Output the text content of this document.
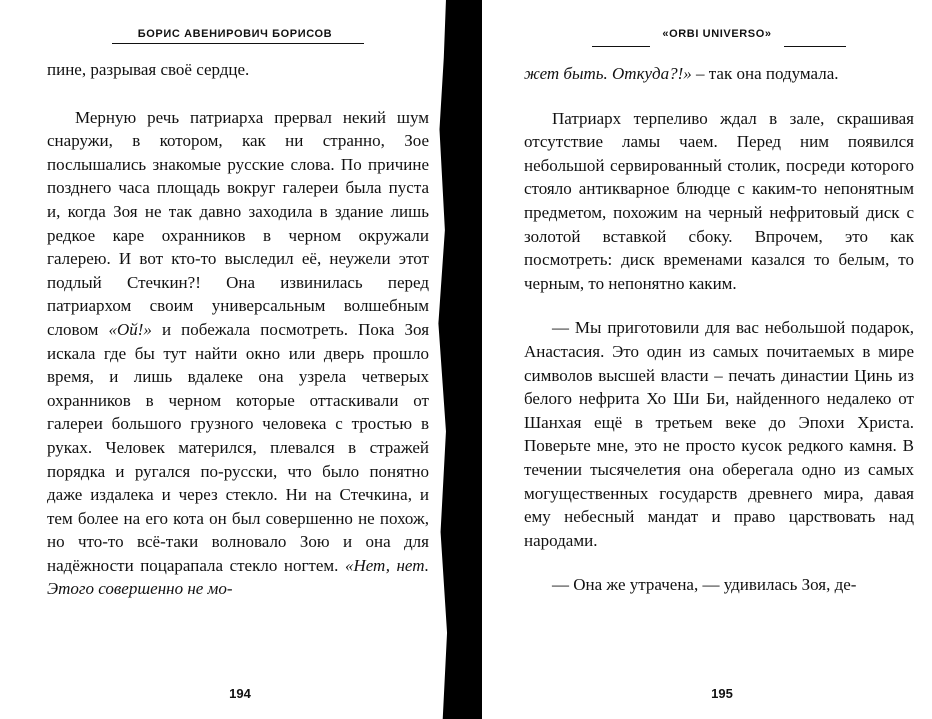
БОРИС АВЕНИРОВИЧ БОРИСОВ

пине, разрывая своё сердце.

Мерную речь патриарха прервал некий шум снаружи, в котором, как ни странно, Зое послышались знакомые русские слова. По причине позднего часа площадь вокруг галереи была пуста и, когда Зоя не так давно заходила в здание лишь редкое каре охранников в черном окружали галерею. И вот кто-то выследил её, неужели этот подлый Стечкин?! Она извинилась перед патриархом своим универсальным волшебным словом «Ой!» и побежала посмотреть. Пока Зоя искала где бы тут найти окно или дверь прошло время, и лишь вдалеке она узрела четверых охранников в черном которые оттаскивали от галереи большого грузного человека с тростью в руках. Человек матерился, плевался в стражей порядка и ругался по-русски, что было понятно даже издалека и через стекло. Ни на Стечкина, и тем более на его кота он был совершенно не похож, но что-то всё-таки волновало Зою и она для надёжности поцарапала стекло ногтем. «Нет, нет. Этого совершенно не мо-

194
«ORBI UNIVERSO»

жет быть. Откуда?!» – так она подумала.

Патриарх терпеливо ждал в зале, скрашивая отсутствие ламы чаем. Перед ним появился небольшой сервированный столик, посреди которого стояло антикварное блюдце с каким-то непонятным предметом, похожим на черный нефритовый диск с золотой вставкой сбоку. Впрочем, это как посмотреть: диск временами казался то белым, то черным, то непонятно каким.

— Мы приготовили для вас небольшой подарок, Анастасия. Это один из самых почитаемых в мире символов высшей власти – печать династии Цинь из белого нефрита Хо Ши Би, найденного недалеко от Шанхая ещё в третьем веке до Эпохи Христа. Поверьте мне, это не просто кусок редкого камня. В течении тысячелетия она оберегала одно из самых могущественных государств древнего мира, давая ему небесный мандат и право царствовать над народами.

— Она же утрачена, — удивилась Зоя, де-

195
